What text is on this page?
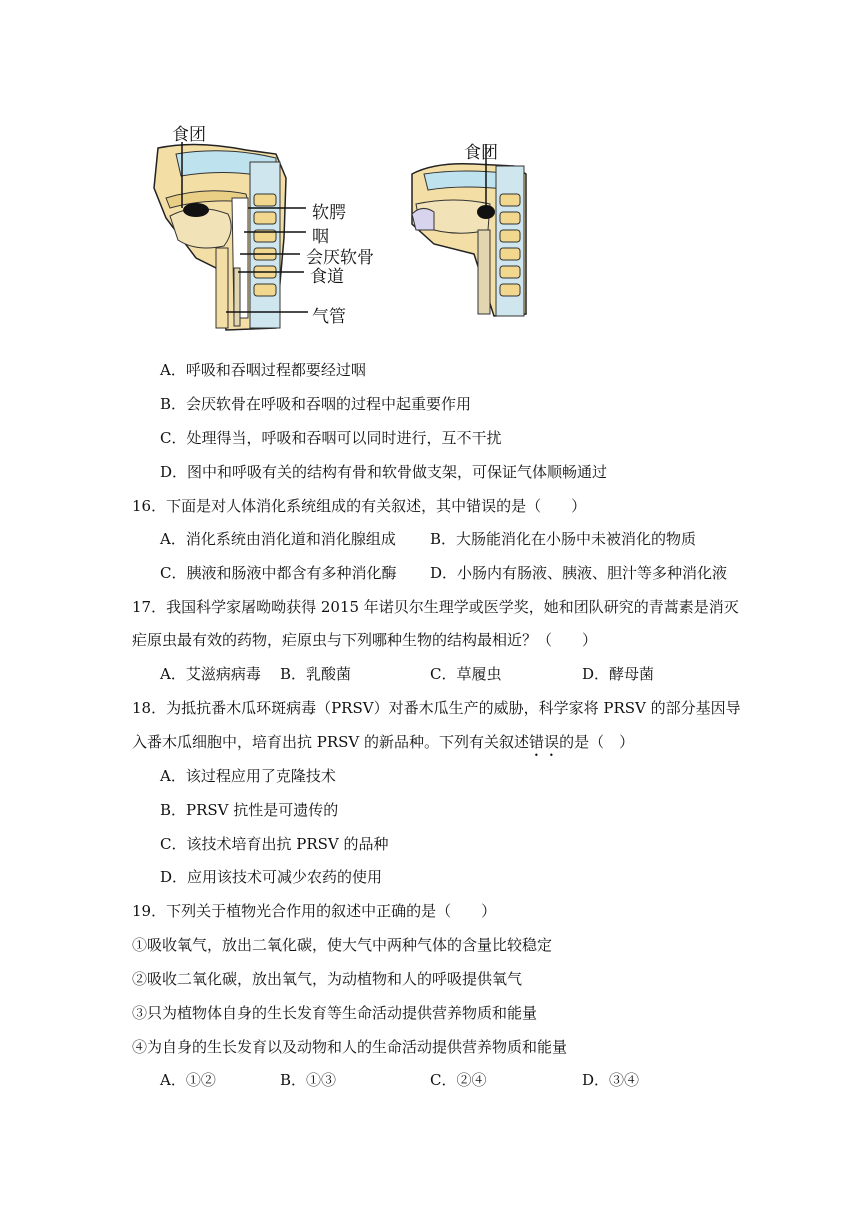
食团
软腭
咽
会厌软骨
食道
气管
食团
A．呼吸和吞咽过程都要经过咽
B．会厌软骨在呼吸和吞咽的过程中起重要作用
C．处理得当，呼吸和吞咽可以同时进行，互不干扰
D．图中和呼吸有关的结构有骨和软骨做支架，可保证气体顺畅通过
16．下面是对人体消化系统组成的有关叙述，其中错误的是（　　）
A．消化系统由消化道和消化腺组成 B．大肠能消化在小肠中未被消化的物质
C．胰液和肠液中都含有多种消化酶 D．小肠内有肠液、胰液、胆汁等多种消化液
17．我国科学家屠呦呦获得 2015 年诺贝尔生理学或医学奖，她和团队研究的青蒿素是消灭
疟原虫最有效的药物，疟原虫与下列哪种生物的结构最相近？（　　）
A．艾滋病病毒 B．乳酸菌	C．草履虫	D．酵母菌
18．为抵抗番木瓜环斑病毒（PRSV）对番木瓜生产的威胁，科学家将 PRSV 的部分基因导
入番木瓜细胞中，培育出抗 PRSV 的新品种。下列有关叙述错误的是（　）
A．该过程应用了克隆技术
B．PRSV 抗性是可遗传的
C．该技术培育出抗 PRSV 的品种
D．应用该技术可减少农药的使用
19．下列关于植物光合作用的叙述中正确的是（　　）
①吸收氧气，放出二氧化碳，使大气中两种气体的含量比较稳定
②吸收二氧化碳，放出氧气，为动植物和人的呼吸提供氧气
③只为植物体自身的生长发育等生命活动提供营养物质和能量
④为自身的生长发育以及动物和人的生命活动提供营养物质和能量
A．①②	B．①③	C．②④	D．③④
